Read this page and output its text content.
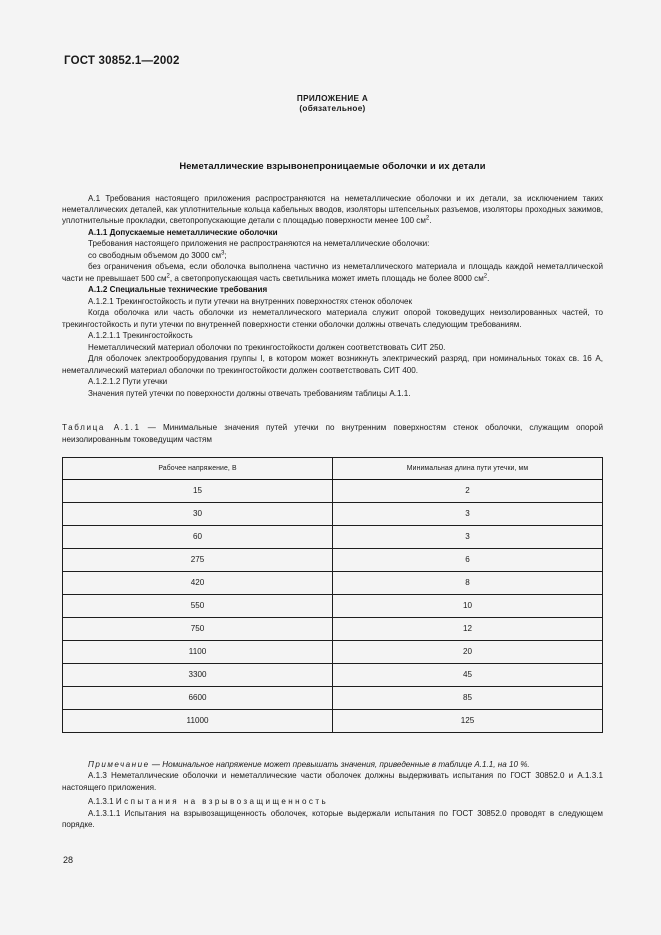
ГОСТ 30852.1—2002
ПРИЛОЖЕНИЕ А
(обязательное)
Неметаллические взрывонепроницаемые оболочки и их детали

А.1 Требования настоящего приложения распространяются на неметаллические оболочки и их детали, за исключением таких неметаллических деталей, как уплотнительные кольца кабельных вводов, изоляторы штепсельных разъемов, изоляторы проходных зажимов, уплотнительные прокладки, светопропускающие детали с площадью поверхности менее 100 $см^2$.

А.1.1 Допускаемые неметаллические оболочки

Требования настоящего приложения не распространяются на неметаллические оболочки:

со свободным объемом до 3000 $см^3$;

без ограничения объема, если оболочка выполнена частично из неметаллического материала и площадь каждой неметаллической части не превышает 500 $см^2$, а светопропускающая часть светильника может иметь площадь не более 8000 $см^2$.

А.1.2 Специальные технические требования

А.1.2.1 Трекингостойкость и пути утечки на внутренних поверхностях стенок оболочек

Когда оболочка или часть оболочки из неметаллического материала служит опорой токоведущих неизолированных частей, то трекингостойкость и пути утечки по внутренней поверхности стенки оболочки должны отвечать следующим требованиям.

А.1.2.1.1 Трекингостойкость

Неметаллический материал оболочки по трекингостойкости должен соответствовать СИТ 250.

Для оболочек электрооборудования группы I, в котором может возникнуть электрический разряд, при номинальных токах св. 16 А, неметаллический материал оболочки по трекингостойкости должен соответствовать СИТ 400.

А.1.2.1.2 Пути утечки

Значения путей утечки по поверхности должны отвечать требованиям таблицы А.1.1.

Таблица А.1.1 — Минимальные значения путей утечки по внутренним поверхностям стенок оболочки, служащим опорой неизолированным токоведущим частям

Рабочее напряжение, В	Минимальная длина пути утечки, мм
15	2
30	3
60	3
275	6
420	8
550	10
750	12
1100	20
3300	45
6600	85
11000	125

Примечание — Номинальное напряжение может превышать значения, приведенные в таблице А.1.1, на 10 %.

А.1.3 Неметаллические оболочки и неметаллические части оболочек должны выдерживать испытания по ГОСТ 30852.0 и А.1.3.1 настоящего приложения.

А.1.3.1 Испытания на взрывозащищенность

А.1.3.1.1 Испытания на взрывозащищенность оболочек, которые выдержали испытания по ГОСТ 30852.0 проводят в следующем порядке.

28
